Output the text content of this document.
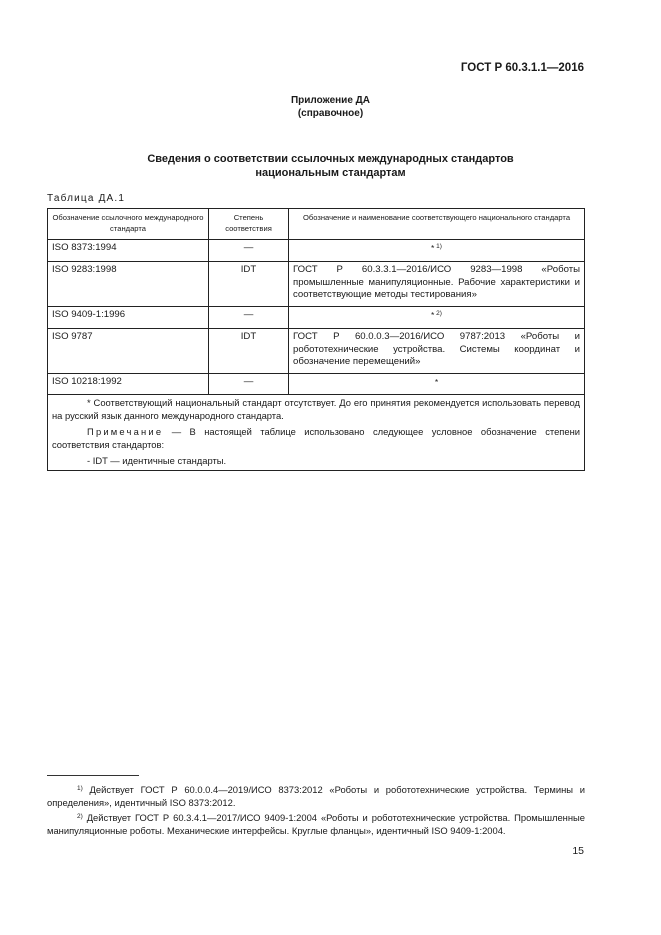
ГОСТ Р 60.3.1.1—2016
Приложение ДА
(справочное)
Сведения о соответствии ссылочных международных стандартов
национальным стандартам
Таблица ДА.1
Обозначение ссылочного международного стандарта	Степень соответствия	Обозначение и наименование соответствующего национального стандарта
ISO 8373:1994	—	* $^{1)}$
ISO 9283:1998	IDT	ГОСТ Р 60.3.3.1—2016/ИСО 9283—1998 «Роботы промышленные манипуляционные. Рабочие характеристики и соответствующие методы тестирования»
ISO 9409-1:1996	—	* $^{2)}$
ISO 9787	IDT	ГОСТ Р 60.0.0.3—2016/ИСО 9787:2013 «Роботы и робототехнические устройства. Системы координат и обозначение перемещений»
ISO 10218:1992	—	*

* Соответствующий национальный стандарт отсутствует. До его принятия рекомендуется использовать перевод на русский язык данного международного стандарта.

Примечание — В настоящей таблице использовано следующее условное обозначение степени соответствия стандартов:

- IDT — идентичные стандарты.		

$^{1)}$ Действует ГОСТ Р 60.0.0.4—2019/ИСО 8373:2012 «Роботы и робототехнические устройства. Термины и определения», идентичный ISO 8373:2012.

$^{2)}$ Действует ГОСТ Р 60.3.4.1—2017/ИСО 9409-1:2004 «Роботы и робототехнические устройства. Промышленные манипуляционные роботы. Механические интерфейсы. Круглые фланцы», идентичный ISO 9409-1:2004.

15
